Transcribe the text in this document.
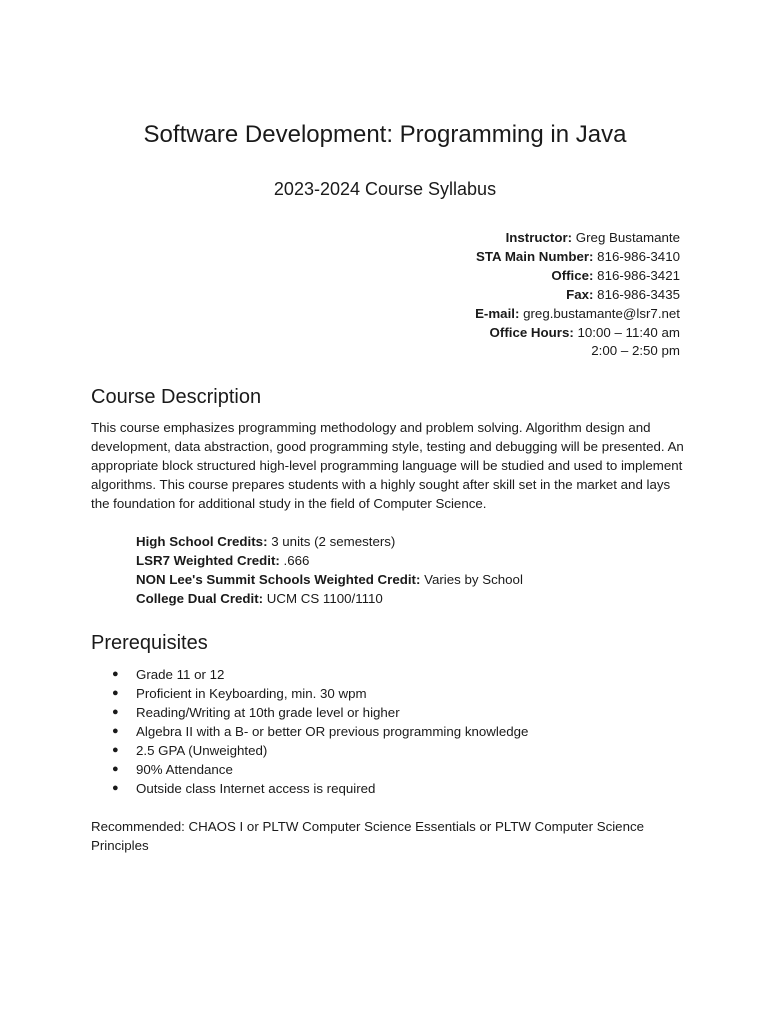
Software Development: Programming in Java
2023-2024 Course Syllabus
Instructor: Greg Bustamante
STA Main Number: 816-986-3410
Office: 816-986-3421
Fax: 816-986-3435
E-mail: greg.bustamante@lsr7.net
Office Hours: 10:00 – 11:40 am
2:00 – 2:50 pm
Course Description

This course emphasizes programming methodology and problem solving. Algorithm design and development, data abstraction, good programming style, testing and debugging will be presented. An appropriate block structured high-level programming language will be studied and used to implement algorithms. This course prepares students with a highly sought after skill set in the market and lays the foundation for additional study in the field of Computer Science.

High School Credits: 3 units (2 semesters)
LSR7 Weighted Credit: .666
NON Lee's Summit Schools Weighted Credit: Varies by School
College Dual Credit: UCM CS 1100/1110
Prerequisites
● Grade 11 or 12
● Proficient in Keyboarding, min. 30 wpm
● Reading/Writing at 10th grade level or higher
● Algebra II with a B- or better OR previous programming knowledge
● 2.5 GPA (Unweighted)
● 90% Attendance
● Outside class Internet access is required

Recommended: CHAOS I or PLTW Computer Science Essentials or PLTW Computer Science Principles
